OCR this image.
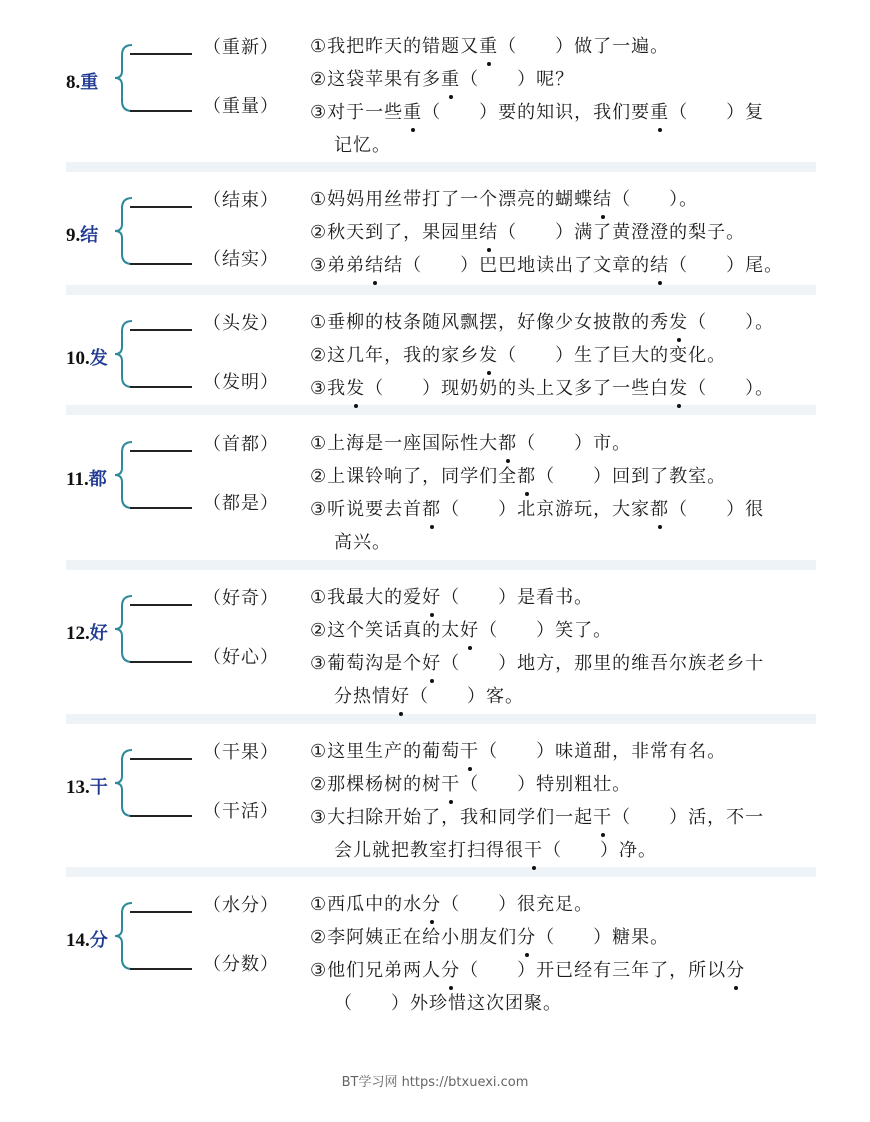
8.重
（重新）
（重量）
①我把昨天的错题又重（　　）做了一遍。
②这袋苹果有多重（　　）呢？
③对于一些重（　　）要的知识，我们要重（　　）复
记忆。
9.结
（结束）
（结实）
①妈妈用丝带打了一个漂亮的蝴蝶结（　　）。
②秋天到了，果园里结（　　）满了黄澄澄的梨子。
③弟弟结结（　　）巴巴地读出了文章的结（　　）尾。
10.发
（头发）
（发明）
①垂柳的枝条随风飘摆，好像少女披散的秀发（　　）。
②这几年，我的家乡发（　　）生了巨大的变化。
③我发（　　）现奶奶的头上又多了一些白发（　　）。
11.都
（首都）
（都是）
①上海是一座国际性大都（　　）市。
②上课铃响了，同学们全都（　　）回到了教室。
③听说要去首都（　　）北京游玩，大家都（　　）很
高兴。
12.好
（好奇）
（好心）
①我最大的爱好（　　）是看书。
②这个笑话真的太好（　　）笑了。
③葡萄沟是个好（　　）地方，那里的维吾尔族老乡十
分热情好（　　）客。
13.干
（干果）
（干活）
①这里生产的葡萄干（　　）味道甜，非常有名。
②那棵杨树的树干（　　）特别粗壮。
③大扫除开始了，我和同学们一起干（　　）活，不一
会儿就把教室打扫得很干（　　）净。
14.分
（水分）
（分数）
①西瓜中的水分（　　）很充足。
②李阿姨正在给小朋友们分（　　）糖果。
③他们兄弟两人分（　　）开已经有三年了，所以分
（　　）外珍惜这次团聚。
BT学习网 https://btxuexi.com
